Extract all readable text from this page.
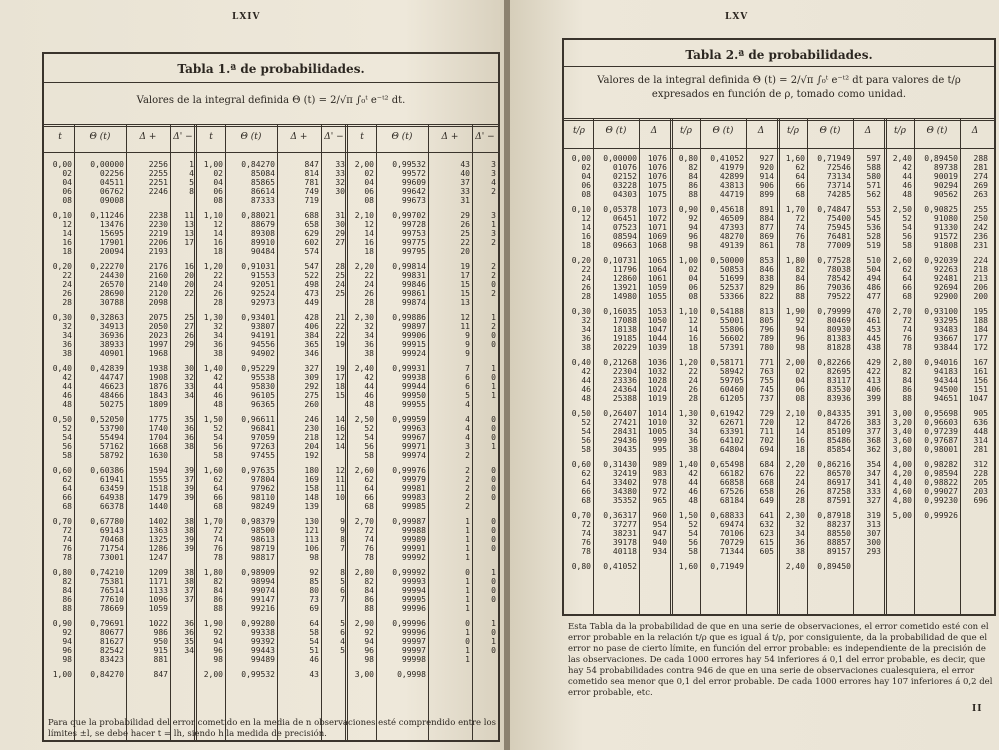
LXIV
Tabla 1.ª de probabilidades.
Valores de la integral definida Θ (t) = 2/√π ∫₀ᵗ e⁻ᵗ² dt.
t
0,00
02
04
06
08
0,10
12
14
16
18
0,20
22
24
26
28
0,30
32
34
36
38
0,40
42
44
46
48
0,50
52
54
56
58
0,60
62
64
66
68
0,70
72
74
76
78
0,80
82
84
86
88
0,90
92
94
96
98
1,00
Θ (t)
0,00000
02256
04511
06762
09008
0,11246
13476
15695
17901
20094
0,22270
24430
26570
28690
30788
0,32863
34913
36936
38933
40901
0,42839
44747
46623
48466
50275
0,52050
53790
55494
57162
58792
0,60386
61941
63459
64938
66378
0,67780
69143
70468
71754
73001
0,74210
75381
76514
77610
78669
0,79691
80677
81627
82542
83423
0,84270
Δ +
2256
2255
2251
2246
2238
2230
2219
2206
2193
2176
2160
2140
2120
2098
2075
2050
2023
1997
1968
1938
1908
1876
1843
1809
1775
1740
1704
1668
1630
1594
1555
1518
1479
1440
1402
1363
1325
1286
1247
1209
1171
1133
1096
1059
1022
986
950
915
881
847
Δ' −
1
4
5
8
11
13
13
17
16
20
20
22
25
27
26
29
30
32
33
34
35
36
36
38
39
37
39
39
38
38
39
39
38
38
37
37
36
36
35
34
t
1,00
02
04
06
08
1,10
12
14
16
18
1,20
22
24
26
28
1,30
32
34
36
38
1,40
42
44
46
48
1,50
52
54
56
58
1,60
62
64
66
68
1,70
72
74
76
78
1,80
82
84
86
88
1,90
92
94
96
98
2,00
Θ (t)
0,84270
85084
85865
86614
87333
0,88021
88679
89308
89910
90484
0,91031
91553
92051
92524
92973
0,93401
93807
94191
94556
94902
0,95229
95538
95830
96105
96365
0,96611
96841
97059
97263
97455
0,97635
97804
97962
98110
98249
0,98379
98500
98613
98719
98817
0,98909
98994
99074
99147
99216
0,99280
99338
99392
99443
99489
0,99532
Δ +
847
814
781
749
719
688
658
629
602
574
547
522
498
473
449
428
406
384
365
346
327
309
292
275
260
246
230
218
204
192
180
169
158
148
139
130
121
113
106
98
92
85
80
73
69
64
58
54
51
46
43
Δ' −
33
33
32
30
31
30
29
27
28
25
24
25
21
22
22
19
19
17
18
15
14
16
12
14
12
11
11
10
9
9
8
7
8
5
6
7
5
6
4
5
t
2,00
02
04
06
08
2,10
12
14
16
18
2,20
22
24
26
28
2,30
32
34
36
38
2,40
42
44
46
48
2,50
52
54
56
58
2,60
62
64
66
68
2,70
72
74
76
78
2,80
82
84
86
88
2,90
92
94
96
98
3,00
Θ (t)
0,99532
99572
99609
99642
99673
0,99702
99728
99753
99775
99795
0,99814
99831
99846
99861
99874
0,99886
99897
99906
99915
99924
0,99931
99938
99944
99950
99955
0,99959
99963
99967
99971
99974
0,99976
99979
99981
99983
99985
0,99987
99988
99989
99991
99992
0,99992
99993
99994
99995
99996
0,99996
99996
99997
99997
99998
0,9998
Δ +
43
40
37
33
31
29
26
25
22
20
19
17
15
15
13
12
11
9
9
9
7
6
6
5
4
4
4
4
3
2
2
2
2
2
2
1
1
1
1
1
0
1
1
1
1
0
1
0
1
1
Δ' −
3
3
4
2
3
1
3
2
2
2
0
2
1
2
0
0
1
0
1
1
0
0
0
1
0
0
0
0
0
0
0
0
1
0
0
0
1
0
1
0
Para que la probabilidad del error cometido en la media de n observaciones esté comprendido entre los límites ±l, se debe hacer t = lh, siendo h la medida de precisión.
LXV
Tabla 2.ª de probabilidades.
Valores de la integral definida Θ (t) = 2/√π ∫₀ᵗ e⁻ᵗ² dt para valores de t/ρ expresados en función de ρ, tomado como unidad.
t/ρ
0,00
02
04
06
08
0,10
12
14
16
18
0,20
22
24
26
28
0,30
32
34
36
38
0,40
42
44
46
48
0,50
52
54
56
58
0,60
62
64
66
68
0,70
72
74
76
78
0,80
Θ (t)
0,00000
01076
02152
03228
04303
0,05378
06451
07523
08594
09663
0,10731
11796
12860
13921
14980
0,16035
17088
18138
19185
20229
0,21268
22304
23336
24364
25388
0,26407
27421
28431
29436
30435
0,31430
32419
33402
34380
35352
0,36317
37277
38231
39178
40118
0,41052
Δ
1076
1076
1076
1075
1075
1073
1072
1071
1069
1068
1065
1064
1061
1059
1055
1053
1050
1047
1044
1039
1036
1032
1028
1024
1019
1014
1010
1005
999
995
989
983
978
972
965
960
954
947
940
934
t/ρ
0,80
82
84
86
88
0,90
92
94
96
98
1,00
02
04
06
08
1,10
12
14
16
18
1,20
22
24
26
28
1,30
32
34
36
38
1,40
42
44
46
48
1,50
52
54
56
58
1,60
Θ (t)
0,41052
41979
42899
43813
44719
0,45618
46509
47393
48270
49139
0,50000
50853
51699
52537
53366
0,54188
55001
55806
56602
57391
0,58171
58942
59705
60460
61205
0,61942
62671
63391
64102
64804
0,65498
66182
66858
67526
68184
0,68833
69474
70106
70729
71344
0,71949
Δ
927
920
914
906
899
891
884
877
869
861
853
846
838
829
822
813
805
796
789
780
771
763
755
745
737
729
720
711
702
694
684
676
668
658
649
641
632
623
615
605
t/ρ
1,60
62
64
66
68
1,70
72
74
76
78
1,80
82
84
86
88
1,90
92
94
96
98
2,00
02
04
06
08
2,10
12
14
16
18
2,20
22
24
26
28
2,30
32
34
36
38
2,40
Θ (t)
0,71949
72546
73134
73714
74285
0,74847
75400
75945
76481
77009
0,77528
78038
78542
79036
79522
0,79999
80469
80930
81383
81828
0,82266
82695
83117
83530
83936
0,84335
84726
85109
85486
85854
0,86216
86570
86917
87258
87591
0,87918
88237
88550
88857
89157
0,89450
Δ
597
588
580
571
562
553
545
536
528
519
510
504
494
486
477
470
461
453
445
438
429
422
413
406
399
391
383
377
368
362
354
347
341
333
327
319
313
307
300
293
t/ρ
2,40
42
44
46
48
2,50
52
54
56
58
2,60
62
64
66
68
2,70
72
74
76
78
2,80
82
84
86
88
3,00
3,20
3,40
3,60
3,80
4,00
4,20
4,40
4,60
4,80
5,00
Θ (t)
0,89450
89738
90019
90294
90562
0,90825
91080
91330
91572
91808
0,92039
92263
92481
92694
92900
0,93100
93295
93483
93667
93844
0,94016
94183
94344
94500
94651
0,95698
0,96603
0,97239
0,97687
0,98001
0,98282
0,98594
0,98822
0,99027
0,99230
0,99926
Δ
288
281
274
269
263
255
250
242
236
231
224
218
213
206
200
195
188
184
177
172
167
161
156
151
1047
905
636
448
314
281
312
228
205
203
696
Esta Tabla da la probabilidad de que en una serie de observaciones, el error cometido esté con el error probable en la relación t/ρ que es igual á t/ρ, por consiguiente, da la probabilidad de que el error no pase de cierto límite, en función del error probable: es independiente de la precisión de las observaciones. De cada 1000 errores hay 54 inferiores á 0,1 del error probable, es decir, que hay 54 probabilidades contra 946 de que en una serie de observaciones cualesquiera, el error cometido sea menor que 0,1 del error probable. De cada 1000 errores hay 107 inferiores á 0,2 del error probable, etc.
II
